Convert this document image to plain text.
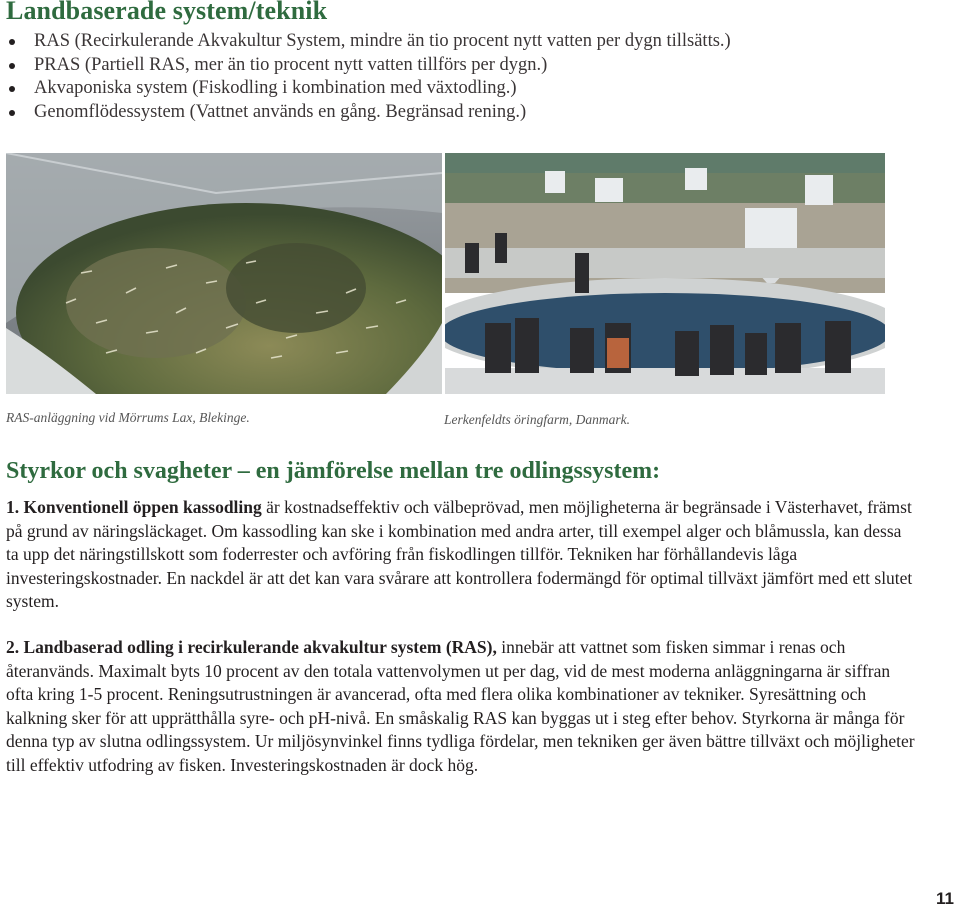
Landbaserade system/teknik
RAS (Recirkulerande Akvakultur System, mindre än tio procent nytt vatten per dygn tillsätts.)
PRAS (Partiell RAS, mer än tio procent nytt vatten tillförs per dygn.)
Akvaponiska system (Fiskodling i kombination med växtodling.)
Genomflödessystem (Vattnet används en gång. Begränsad rening.)
RAS-anläggning vid Mörrums Lax, Blekinge.	Lerkenfeldts öringfarm, Danmark.
Styrkor och svagheter – en jämförelse mellan tre odlingssystem:

1. Konventionell öppen kassodling är kostnadseffektiv och välbeprövad, men möjligheterna är begränsade i Västerhavet, främst på grund av näringsläckaget. Om kassodling kan ske i kombination med andra arter, till exempel alger och blåmussla, kan dessa ta upp det näringstillskott som foderrester och avföring från fiskodlingen tillför. Tekniken har förhållandevis låga investeringskostnader. En nackdel är att det kan vara svårare att kontrollera fodermängd för optimal tillväxt jämfört med ett slutet system.

2. Landbaserad odling i recirkulerande akvakultur system (RAS), innebär att vattnet som fisken simmar i renas och återanvänds. Maximalt byts 10 procent av den totala vattenvolymen ut per dag, vid de mest moderna anläggningarna är siffran ofta kring 1-5 procent. Reningsutrustningen är avancerad, ofta med flera olika kombinationer av tekniker. Syresättning och kalkning sker för att upprätthålla syre- och pH-nivå. En småskalig RAS kan byggas ut i steg efter behov. Styrkorna är många för denna typ av slutna odlingssystem. Ur miljösynvinkel finns tydliga fördelar, men tekniken ger även bättre tillväxt och möjligheter till effektiv utfodring av fisken. Investeringskostnaden är dock hög.

11
